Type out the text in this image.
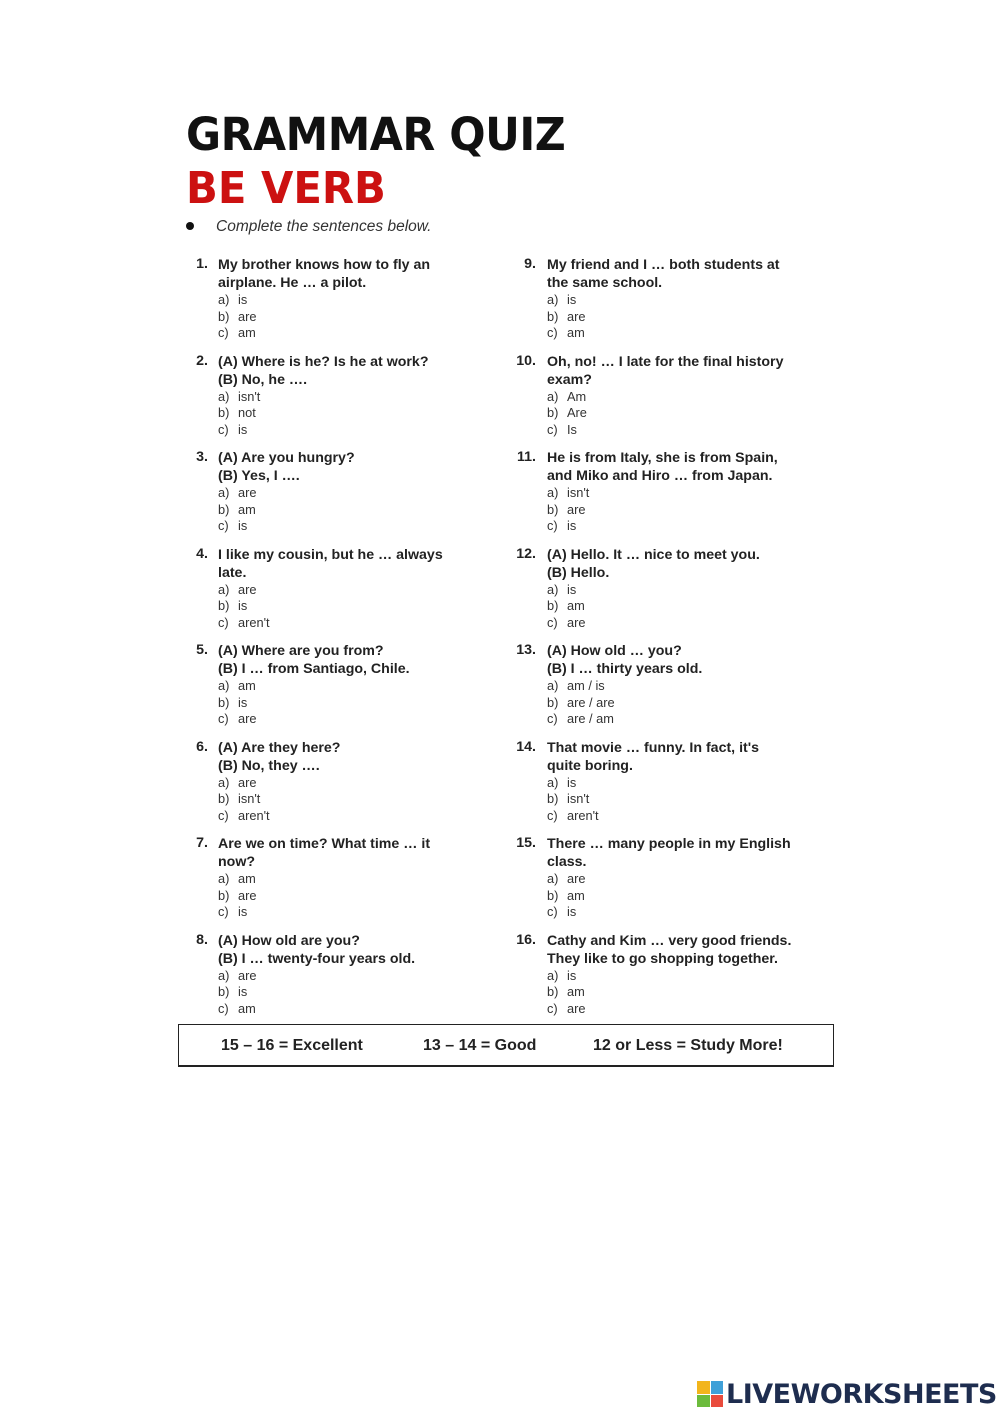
GRAMMAR QUIZ
BE VERB
Complete the sentences below.
1. My brother knows how to fly an
airplane. He … a pilot.
a) is
b) are
c) am
2. (A) Where is he? Is he at work?
(B) No, he ….
a) isn't
b) not
c) is
3. (A) Are you hungry?
(B) Yes, I ….
a) are
b) am
c) is
4. I like my cousin, but he … always
late.
a) are
b) is
c) aren't
5. (A) Where are you from?
(B) I … from Santiago, Chile.
a) am
b) is
c) are
6. (A) Are they here?
(B) No, they ….
a) are
b) isn't
c) aren't
7. Are we on time? What time … it
now?
a) am
b) are
c) is
8. (A) How old are you?
(B) I … twenty-four years old.
a) are
b) is
c) am
9. My friend and I … both students at
the same school.
a) is
b) are
c) am
10. Oh, no! … I late for the final history
exam?
a) Am
b) Are
c) Is
11. He is from Italy, she is from Spain,
and Miko and Hiro … from Japan.
a) isn't
b) are
c) is
12. (A) Hello. It … nice to meet you.
(B) Hello.
a) is
b) am
c) are
13. (A) How old … you?
(B) I … thirty years old.
a) am / is
b) are / are
c) are / am
14. That movie … funny. In fact, it's
quite boring.
a) is
b) isn't
c) aren't
15. There … many people in my English
class.
a) are
b) am
c) is
16. Cathy and Kim … very good friends.
They like to go shopping together.
a) is
b) am
c) are
15 – 16 = Excellent	13 – 14 = Good	12 or Less = Study More!
LIVEWORKSHEETS
